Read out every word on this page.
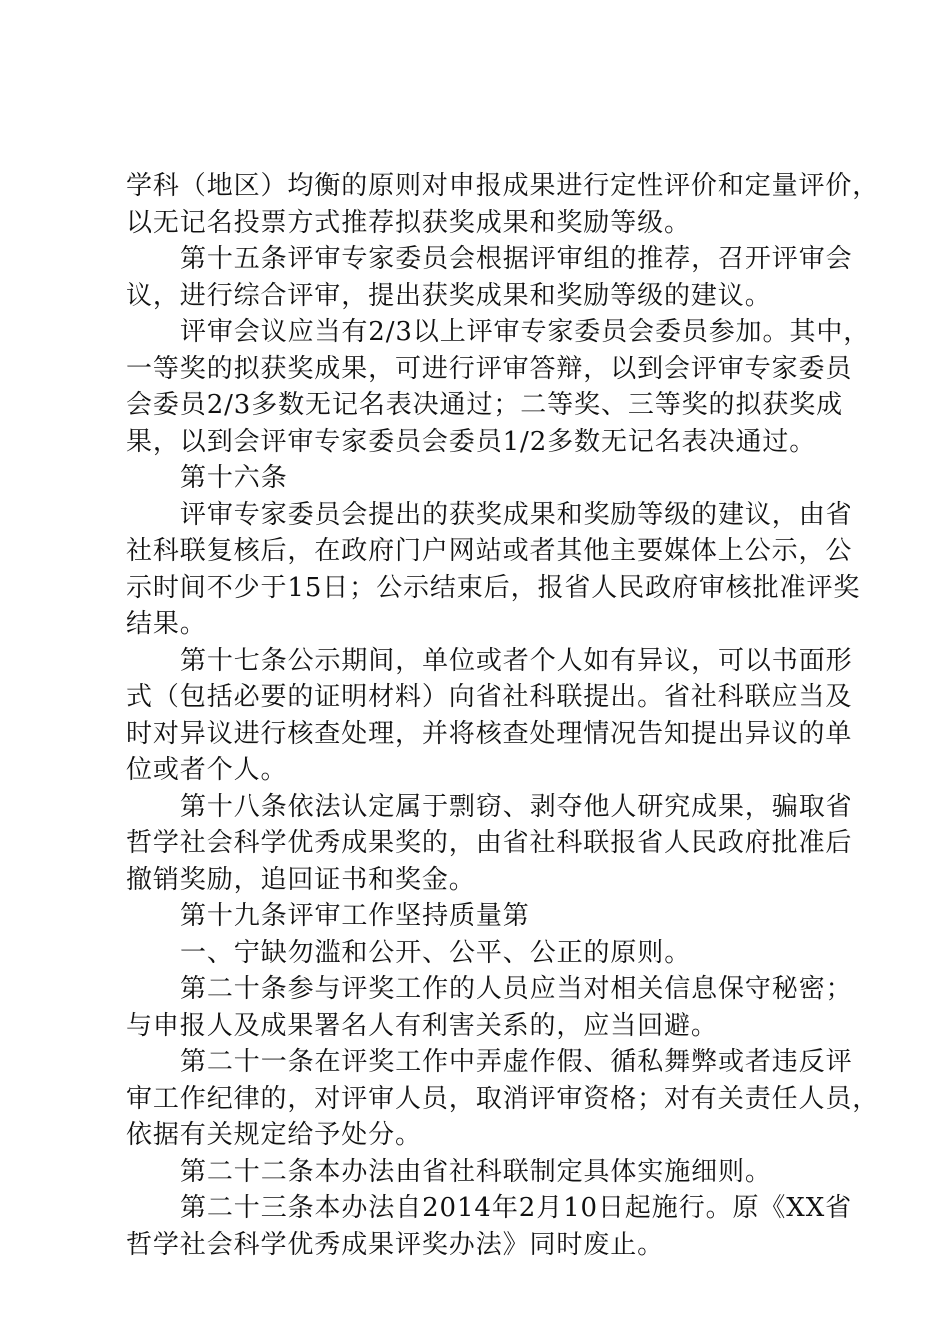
学科（地区）均衡的原则对申报成果进行定性评价和定量评价，
以无记名投票方式推荐拟获奖成果和奖励等级。
第十五条评审专家委员会根据评审组的推荐，召开评审会
议，进行综合评审，提出获奖成果和奖励等级的建议。
评审会议应当有2/3以上评审专家委员会委员参加。其中，
一等奖的拟获奖成果，可进行评审答辩，以到会评审专家委员
会委员2/3多数无记名表决通过；二等奖、三等奖的拟获奖成
果，以到会评审专家委员会委员1/2多数无记名表决通过。
第十六条
评审专家委员会提出的获奖成果和奖励等级的建议，由省
社科联复核后，在政府门户网站或者其他主要媒体上公示，公
示时间不少于15日；公示结束后，报省人民政府审核批准评奖
结果。
第十七条公示期间，单位或者个人如有异议，可以书面形
式（包括必要的证明材料）向省社科联提出。省社科联应当及
时对异议进行核查处理，并将核查处理情况告知提出异议的单
位或者个人。
第十八条依法认定属于剽窃、剥夺他人研究成果，骗取省
哲学社会科学优秀成果奖的，由省社科联报省人民政府批准后
撤销奖励，追回证书和奖金。
第十九条评审工作坚持质量第
一、宁缺勿滥和公开、公平、公正的原则。
第二十条参与评奖工作的人员应当对相关信息保守秘密；
与申报人及成果署名人有利害关系的，应当回避。
第二十一条在评奖工作中弄虚作假、循私舞弊或者违反评
审工作纪律的，对评审人员，取消评审资格；对有关责任人员，
依据有关规定给予处分。
第二十二条本办法由省社科联制定具体实施细则。
第二十三条本办法自2014年2月10日起施行。原《XX省
哲学社会科学优秀成果评奖办法》同时废止。
